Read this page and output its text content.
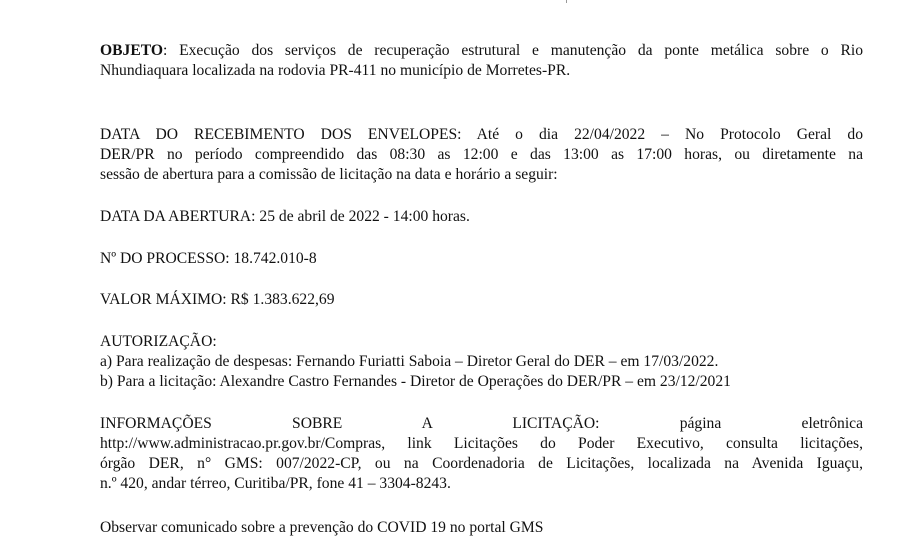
OBJETO: Execução dos serviços de recuperação estrutural e manutenção da ponte metálica sobre o Rio
Nhundiaquara localizada na rodovia PR-411 no município de Morretes-PR.
DATA DO RECEBIMENTO DOS ENVELOPES: Até o dia 22/04/2022 – No Protocolo Geral do
DER/PR no período compreendido das 08:30 as 12:00 e das 13:00 as 17:00 horas, ou diretamente na
sessão de abertura para a comissão de licitação na data e horário a seguir:
DATA DA ABERTURA: 25 de abril de 2022 - 14:00 horas.
Nº DO PROCESSO: 18.742.010-8
VALOR MÁXIMO: R$ 1.383.622,69
AUTORIZAÇÃO:
a) Para realização de despesas: Fernando Furiatti Saboia – Diretor Geral do DER – em 17/03/2022.
b) Para a licitação: Alexandre Castro Fernandes - Diretor de Operações do DER/PR – em 23/12/2021
INFORMAÇÕES SOBRE A LICITAÇÃO: página eletrônica
http://www.administracao.pr.gov.br/Compras, link Licitações do Poder Executivo, consulta licitações,
órgão DER, n° GMS: 007/2022-CP, ou na Coordenadoria de Licitações, localizada na Avenida Iguaçu,
n.º 420, andar térreo, Curitiba/PR, fone 41 – 3304-8243.
Observar comunicado sobre a prevenção do COVID 19 no portal GMS
